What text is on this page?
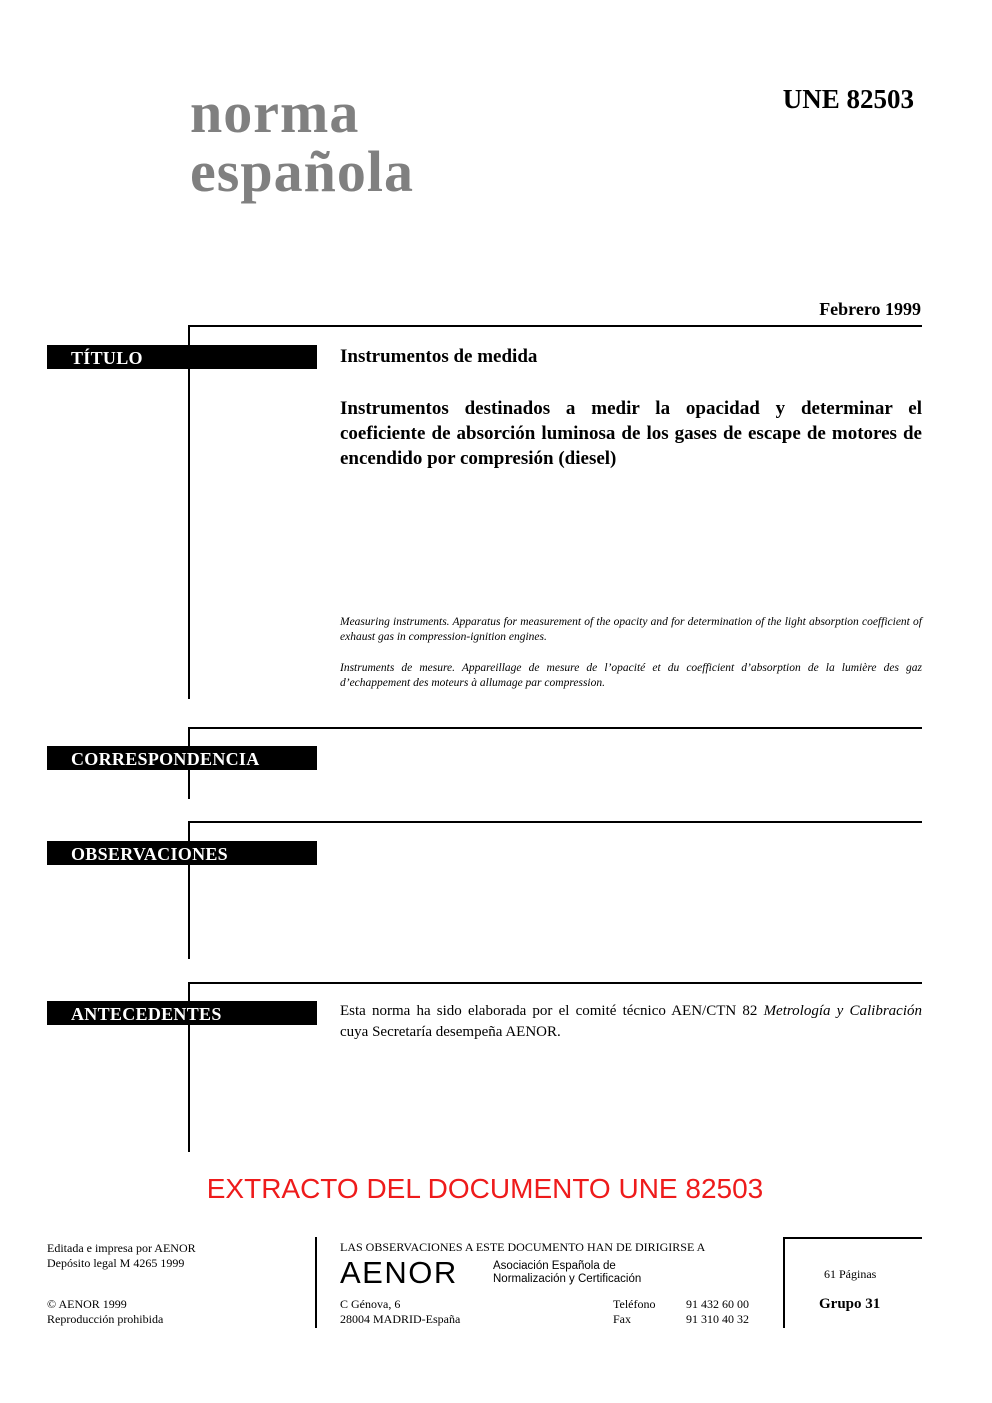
norma
española
UNE 82503
Febrero 1999
TÍTULO	Instrumentos de medida
Instrumentos destinados a medir la opacidad y determinar el coeficiente de absorción luminosa de los gases de escape de motores de encendido por compresión (diesel)
Measuring instruments. Apparatus for measurement of the opacity and for determination of the light absorption coefficient of exhaust gas in compression-ignition engines.
Instruments de mesure. Appareillage de mesure de l’opacité et du coefficient d’absorption de la lumière des gaz d’echappement des moteurs à allumage par compression.
CORRESPONDENCIA
OBSERVACIONES
ANTECEDENTES	Esta norma ha sido elaborada por el comité técnico AEN/CTN 82 Metrología y Calibración cuya Secretaría desempeña AENOR.
EXTRACTO DEL DOCUMENTO UNE 82503
Editada e impresa por AENOR
Depósito legal M 4265 1999
© AENOR 1999
Reproducción prohibida
LAS OBSERVACIONES A ESTE DOCUMENTO HAN DE DIRIGIRSE A
AENOR	Asociación Española de
Normalización y Certificación
C Génova, 6
28004 MADRID-España
Teléfono	91 432 60 00
Fax	91 310 40 32
61 Páginas
Grupo 31
